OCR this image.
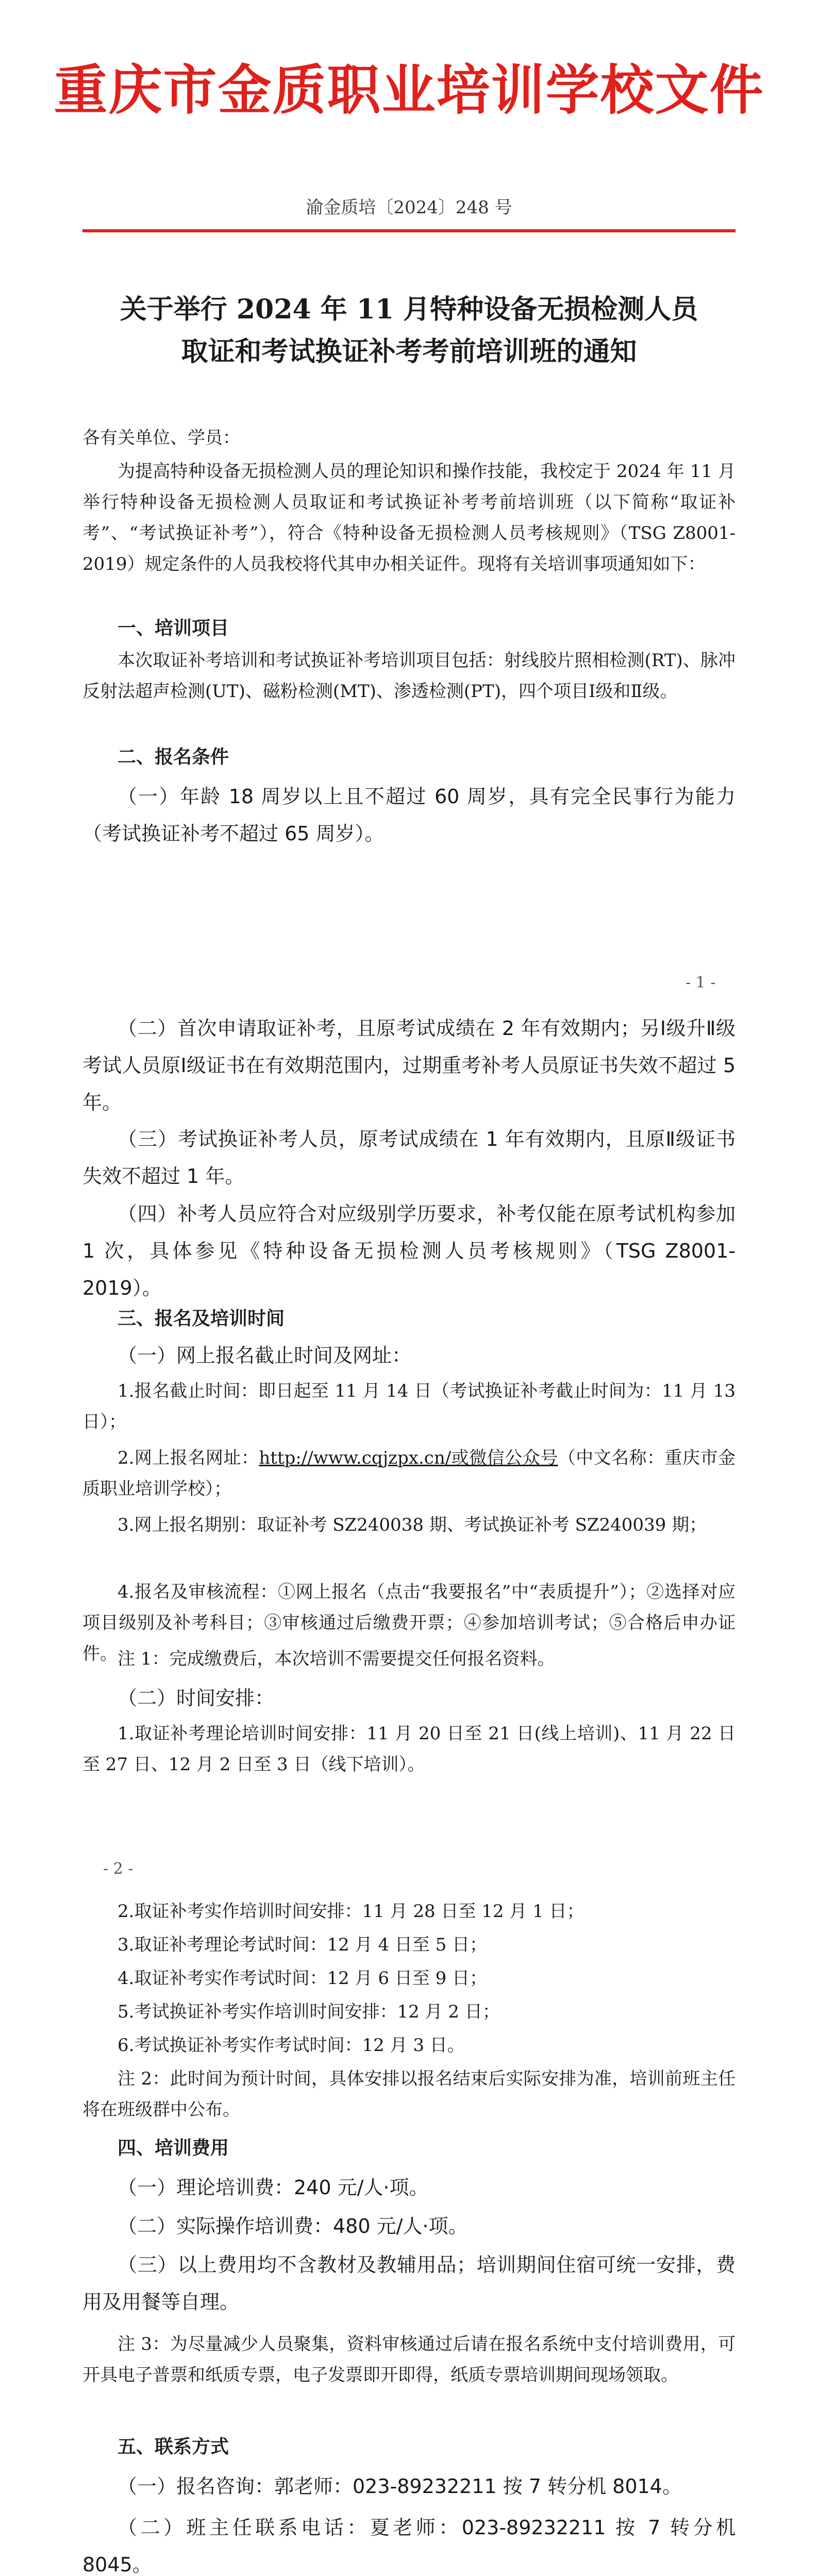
重庆市金质职业培训学校文件
渝金质培〔2024〕248 号
关于举行 2024 年 11 月特种设备无损检测人员
取证和考试换证补考考前培训班的通知
各有关单位、学员：
为提高特种设备无损检测人员的理论知识和操作技能，我校定于 2024 年 11 月举行特种设备无损检测人员取证和考试换证补考考前培训班（以下简称“取证补考”、“考试换证补考”），符合《特种设备无损检测人员考核规则》（TSG Z8001-2019）规定条件的人员我校将代其申办相关证件。现将有关培训事项通知如下：
一、培训项目
本次取证补考培训和考试换证补考培训项目包括：射线胶片照相检测(RT)、脉冲反射法超声检测(UT)、磁粉检测(MT)、渗透检测(PT)，四个项目Ⅰ级和Ⅱ级。
二、报名条件
（一）年龄 18 周岁以上且不超过 60 周岁，具有完全民事行为能力（考试换证补考不超过 65 周岁）。
- 1 -
（二）首次申请取证补考，且原考试成绩在 2 年有效期内；另Ⅰ级升Ⅱ级考试人员原Ⅰ级证书在有效期范围内，过期重考补考人员原证书失效不超过 5 年。
（三）考试换证补考人员，原考试成绩在 1 年有效期内，且原Ⅱ级证书失效不超过 1 年。
（四）补考人员应符合对应级别学历要求，补考仅能在原考试机构参加 1 次，具体参见《特种设备无损检测人员考核规则》（TSG Z8001-2019）。
三、报名及培训时间
（一）网上报名截止时间及网址：
1.报名截止时间：即日起至 11 月 14 日（考试换证补考截止时间为：11 月 13 日）；
2.网上报名网址：http://www.cqjzpx.cn/或微信公众号（中文名称：重庆市金质职业培训学校）；
3.网上报名期别：取证补考 SZ240038 期、考试换证补考 SZ240039 期；
4.报名及审核流程：①网上报名（点击“我要报名”中“表质提升”）；②选择对应项目级别及补考科目；③审核通过后缴费开票；④参加培训考试；⑤合格后申办证件。 注 1：完成缴费后，本次培训不需要提交任何报名资料。
（二）时间安排：
1.取证补考理论培训时间安排：11 月 20 日至 21 日(线上培训)、11 月 22 日至 27 日、12 月 2 日至 3 日（线下培训）。
- 2 -
2.取证补考实作培训时间安排：11 月 28 日至 12 月 1 日；
3.取证补考理论考试时间：12 月 4 日至 5 日；
4.取证补考实作考试时间：12 月 6 日至 9 日；
5.考试换证补考实作培训时间安排：12 月 2 日；
6.考试换证补考实作考试时间：12 月 3 日。
注 2：此时间为预计时间，具体安排以报名结束后实际安排为准，培训前班主任将在班级群中公布。
四、培训费用
（一）理论培训费：240 元/人·项。
（二）实际操作培训费：480 元/人·项。
（三）以上费用均不含教材及教辅用品；培训期间住宿可统一安排，费用及用餐等自理。
注 3：为尽量减少人员聚集，资料审核通过后请在报名系统中支付培训费用，可开具电子普票和纸质专票，电子发票即开即得，纸质专票培训期间现场领取。
五、联系方式
（一）报名咨询：郭老师：023-89232211 按 7 转分机 8014。
（二）班主任联系电话：夏老师：023-89232211 按 7 转分机 8045。
